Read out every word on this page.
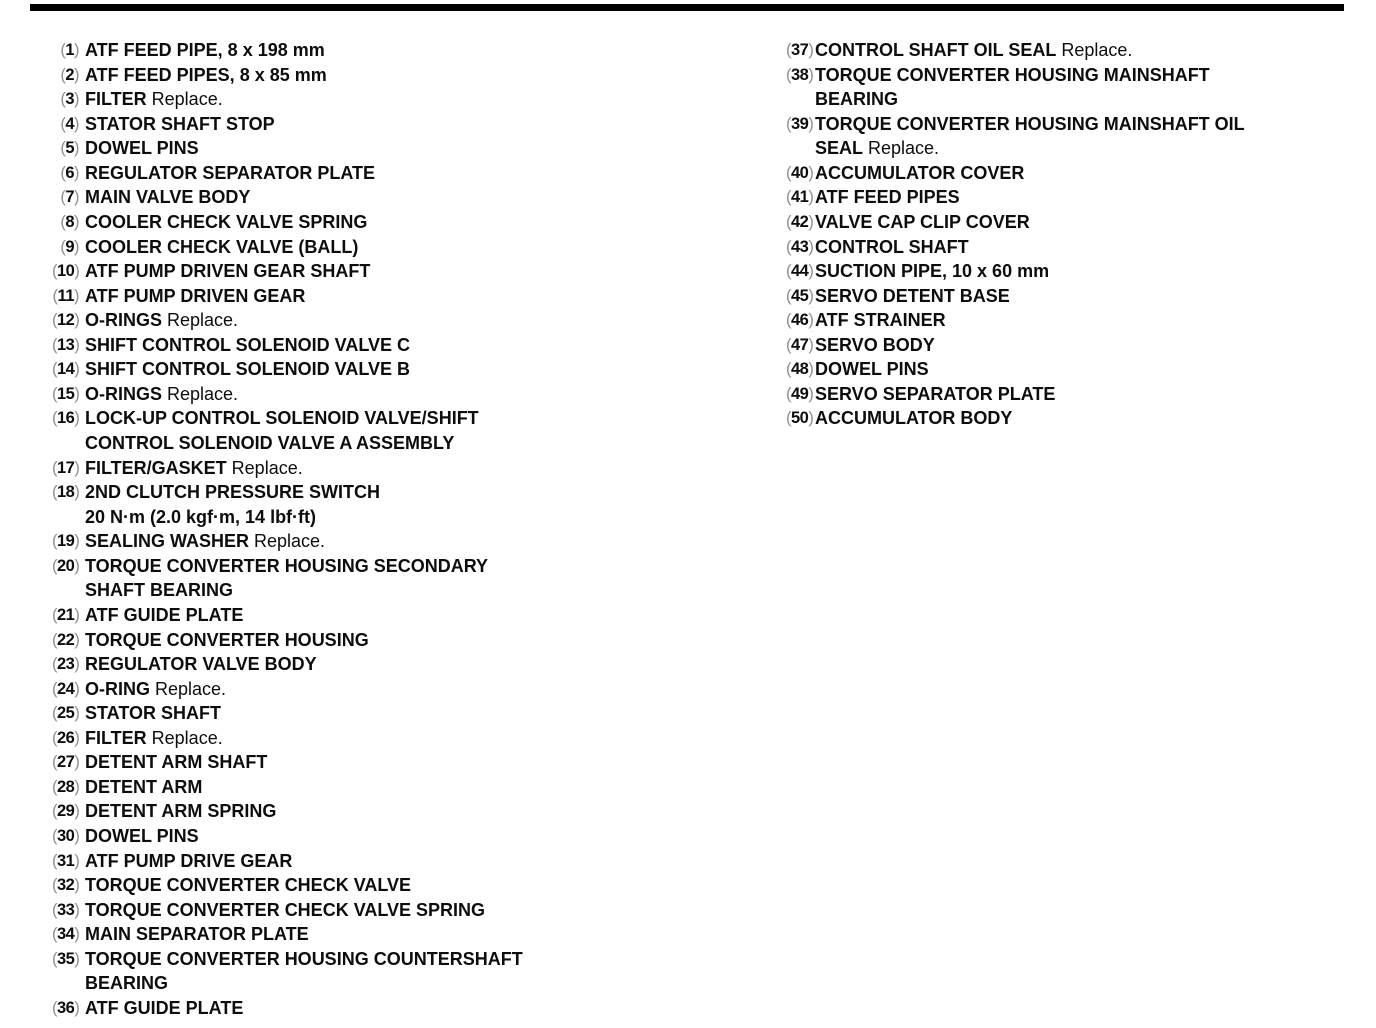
(1) ATF FEED PIPE, 8 x 198 mm
(2) ATF FEED PIPES, 8 x 85 mm
(3) FILTER Replace.
(4) STATOR SHAFT STOP
(5) DOWEL PINS
(6) REGULATOR SEPARATOR PLATE
(7) MAIN VALVE BODY
(8) COOLER CHECK VALVE SPRING
(9) COOLER CHECK VALVE (BALL)
(10) ATF PUMP DRIVEN GEAR SHAFT
(11) ATF PUMP DRIVEN GEAR
(12) O-RINGS Replace.
(13) SHIFT CONTROL SOLENOID VALVE C
(14) SHIFT CONTROL SOLENOID VALVE B
(15) O-RINGS Replace.
(16) LOCK-UP CONTROL SOLENOID VALVE/SHIFT
CONTROL SOLENOID VALVE A ASSEMBLY
(17) FILTER/GASKET Replace.
(18) 2ND CLUTCH PRESSURE SWITCH
20 N·m (2.0 kgf·m, 14 lbf·ft)
(19) SEALING WASHER Replace.
(20) TORQUE CONVERTER HOUSING SECONDARY
SHAFT BEARING
(21) ATF GUIDE PLATE
(22) TORQUE CONVERTER HOUSING
(23) REGULATOR VALVE BODY
(24) O-RING Replace.
(25) STATOR SHAFT
(26) FILTER Replace.
(27) DETENT ARM SHAFT
(28) DETENT ARM
(29) DETENT ARM SPRING
(30) DOWEL PINS
(31) ATF PUMP DRIVE GEAR
(32) TORQUE CONVERTER CHECK VALVE
(33) TORQUE CONVERTER CHECK VALVE SPRING
(34) MAIN SEPARATOR PLATE
(35) TORQUE CONVERTER HOUSING COUNTERSHAFT
BEARING
(36) ATF GUIDE PLATE
(37) CONTROL SHAFT OIL SEAL Replace.
(38) TORQUE CONVERTER HOUSING MAINSHAFT
BEARING
(39) TORQUE CONVERTER HOUSING MAINSHAFT OIL
SEAL Replace.
(40) ACCUMULATOR COVER
(41) ATF FEED PIPES
(42) VALVE CAP CLIP COVER
(43) CONTROL SHAFT
(44) SUCTION PIPE, 10 x 60 mm
(45) SERVO DETENT BASE
(46) ATF STRAINER
(47) SERVO BODY
(48) DOWEL PINS
(49) SERVO SEPARATOR PLATE
(50) ACCUMULATOR BODY
